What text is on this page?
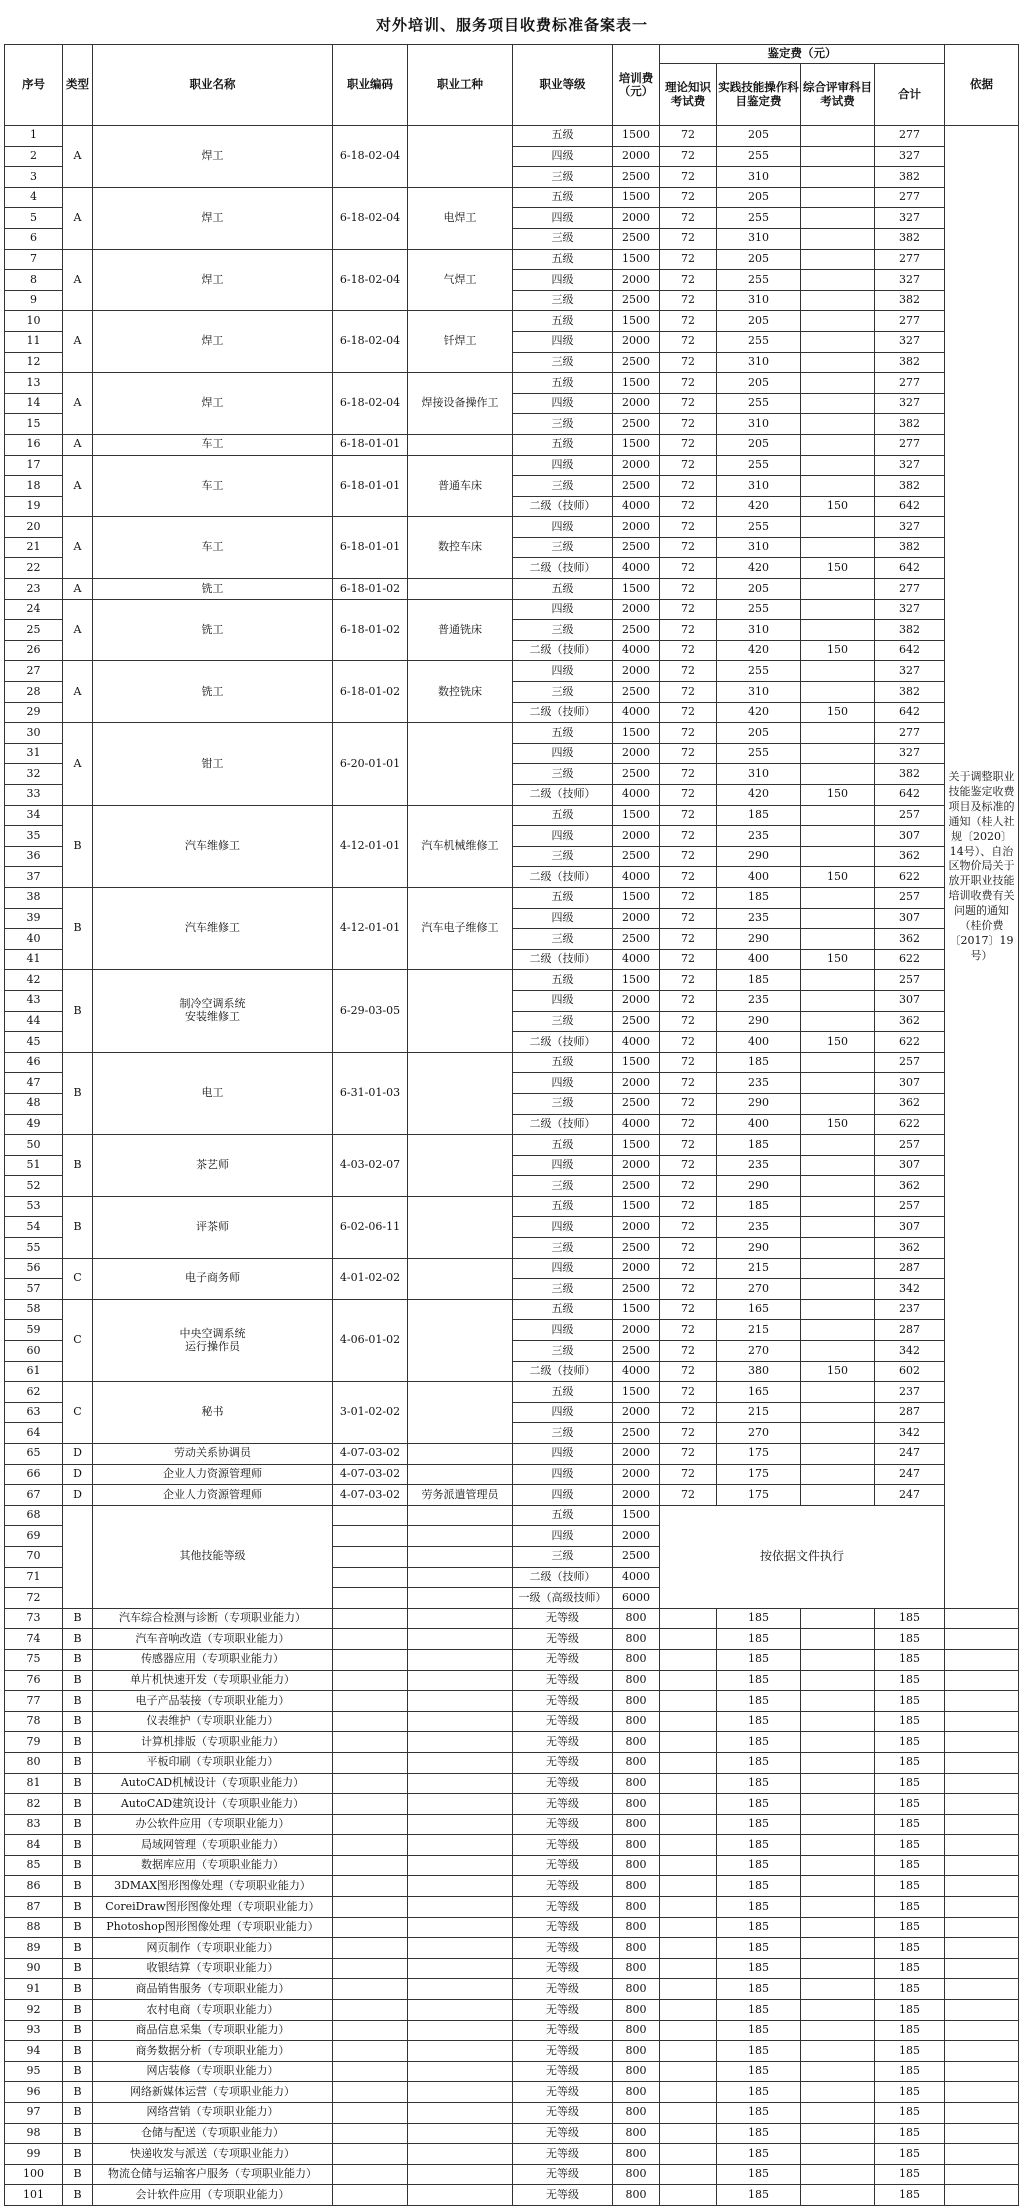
对外培训、服务项目收费标准备案表一
序号	类型	职业名称	职业编码	职业工种	职业等级	培训费（元）	鉴定费（元）				依据
							理论知识考试费	实践技能操作科目鉴定费	综合评审科目考试费	合计	
1	A	焊工	6-18-02-04		五级	1500	72	205		277	关于调整职业技能鉴定收费项目及标准的通知（桂人社规〔2020〕14号）、自治区物价局关于放开职业技能培训收费有关问题的通知（桂价费〔2017〕19号）
2					四级	2000	72	255		327	
3					三级	2500	72	310		382	
4	A	焊工	6-18-02-04	电焊工	五级	1500	72	205		277	
5					四级	2000	72	255		327	
6					三级	2500	72	310		382	
7	A	焊工	6-18-02-04	气焊工	五级	1500	72	205		277	
8					四级	2000	72	255		327	
9					三级	2500	72	310		382	
10	A	焊工	6-18-02-04	钎焊工	五级	1500	72	205		277	
11					四级	2000	72	255		327	
12					三级	2500	72	310		382	
13	A	焊工	6-18-02-04	焊接设备操作工	五级	1500	72	205		277	
14					四级	2000	72	255		327	
15					三级	2500	72	310		382	
16	A	车工	6-18-01-01		五级	1500	72	205		277	
17	A	车工	6-18-01-01	普通车床	四级	2000	72	255		327	
18					三级	2500	72	310		382	
19					二级（技师）	4000	72	420	150	642	
20	A	车工	6-18-01-01	数控车床	四级	2000	72	255		327	
21					三级	2500	72	310		382	
22					二级（技师）	4000	72	420	150	642	
23	A	铣工	6-18-01-02		五级	1500	72	205		277	
24	A	铣工	6-18-01-02	普通铣床	四级	2000	72	255		327	
25					三级	2500	72	310		382	
26					二级（技师）	4000	72	420	150	642	
27	A	铣工	6-18-01-02	数控铣床	四级	2000	72	255		327	
28					三级	2500	72	310		382	
29					二级（技师）	4000	72	420	150	642	
30	A	钳工	6-20-01-01		五级	1500	72	205		277	
31					四级	2000	72	255		327	
32					三级	2500	72	310		382	
33					二级（技师）	4000	72	420	150	642	
34	B	汽车维修工	4-12-01-01	汽车机械维修工	五级	1500	72	185		257	
35					四级	2000	72	235		307	
36					三级	2500	72	290		362	
37					二级（技师）	4000	72	400	150	622	
38	B	汽车维修工	4-12-01-01	汽车电子维修工	五级	1500	72	185		257	
39					四级	2000	72	235		307	
40					三级	2500	72	290		362	
41					二级（技师）	4000	72	400	150	622	
42	B	制冷空调系统
安装维修工	6-29-03-05		五级	1500	72	185		257	
43					四级	2000	72	235		307	
44					三级	2500	72	290		362	
45					二级（技师）	4000	72	400	150	622	
46	B	电工	6-31-01-03		五级	1500	72	185		257	
47					四级	2000	72	235		307	
48					三级	2500	72	290		362	
49					二级（技师）	4000	72	400	150	622	
50	B	茶艺师	4-03-02-07		五级	1500	72	185		257	
51					四级	2000	72	235		307	
52					三级	2500	72	290		362	
53	B	评茶师	6-02-06-11		五级	1500	72	185		257	
54					四级	2000	72	235		307	
55					三级	2500	72	290		362	
56	C	电子商务师	4-01-02-02		四级	2000	72	215		287	
57					三级	2500	72	270		342	
58	C	中央空调系统
运行操作员	4-06-01-02		五级	1500	72	165		237	
59					四级	2000	72	215		287	
60					三级	2500	72	270		342	
61					二级（技师）	4000	72	380	150	602	
62	C	秘书	3-01-02-02		五级	1500	72	165		237	
63					四级	2000	72	215		287	
64					三级	2500	72	270		342	
65	D	劳动关系协调员	4-07-03-02		四级	2000	72	175		247	
66	D	企业人力资源管理师	4-07-03-02		四级	2000	72	175		247	
67	D	企业人力资源管理师	4-07-03-02	劳务派遣管理员	四级	2000	72	175		247	
68		其他技能等级			五级	1500	按依据文件执行				
69					四级	2000					
70					三级	2500					
71					二级（技师）	4000					
72					一级（高级技师）	6000					
73	B	汽车综合检测与诊断（专项职业能力）			无等级	800		185		185	
74	B	汽车音响改造（专项职业能力）			无等级	800		185		185	
75	B	传感器应用（专项职业能力）			无等级	800		185		185	
76	B	单片机快速开发（专项职业能力）			无等级	800		185		185	
77	B	电子产品装接（专项职业能力）			无等级	800		185		185	
78	B	仪表维护（专项职业能力）			无等级	800		185		185	
79	B	计算机排版（专项职业能力）			无等级	800		185		185	
80	B	平板印刷（专项职业能力）			无等级	800		185		185	
81	B	AutoCAD机械设计（专项职业能力）			无等级	800		185		185	
82	B	AutoCAD建筑设计（专项职业能力）			无等级	800		185		185	
83	B	办公软件应用（专项职业能力）			无等级	800		185		185	
84	B	局域网管理（专项职业能力）			无等级	800		185		185	
85	B	数据库应用（专项职业能力）			无等级	800		185		185	
86	B	3DMAX图形图像处理（专项职业能力）			无等级	800		185		185	
87	B	CoreiDraw图形图像处理（专项职业能力）			无等级	800		185		185	
88	B	Photoshop图形图像处理（专项职业能力）			无等级	800		185		185	
89	B	网页制作（专项职业能力）			无等级	800		185		185	
90	B	收银结算（专项职业能力）			无等级	800		185		185	
91	B	商品销售服务（专项职业能力）			无等级	800		185		185	
92	B	农村电商（专项职业能力）			无等级	800		185		185	
93	B	商品信息采集（专项职业能力）			无等级	800		185		185	
94	B	商务数据分析（专项职业能力）			无等级	800		185		185	
95	B	网店装修（专项职业能力）			无等级	800		185		185	
96	B	网络新媒体运营（专项职业能力）			无等级	800		185		185	
97	B	网络营销（专项职业能力）			无等级	800		185		185	
98	B	仓储与配送（专项职业能力）			无等级	800		185		185	
99	B	快递收发与派送（专项职业能力）			无等级	800		185		185	
100	B	物流仓储与运输客户服务（专项职业能力）			无等级	800		185		185	
101	B	会计软件应用（专项职业能力）			无等级	800		185		185	
